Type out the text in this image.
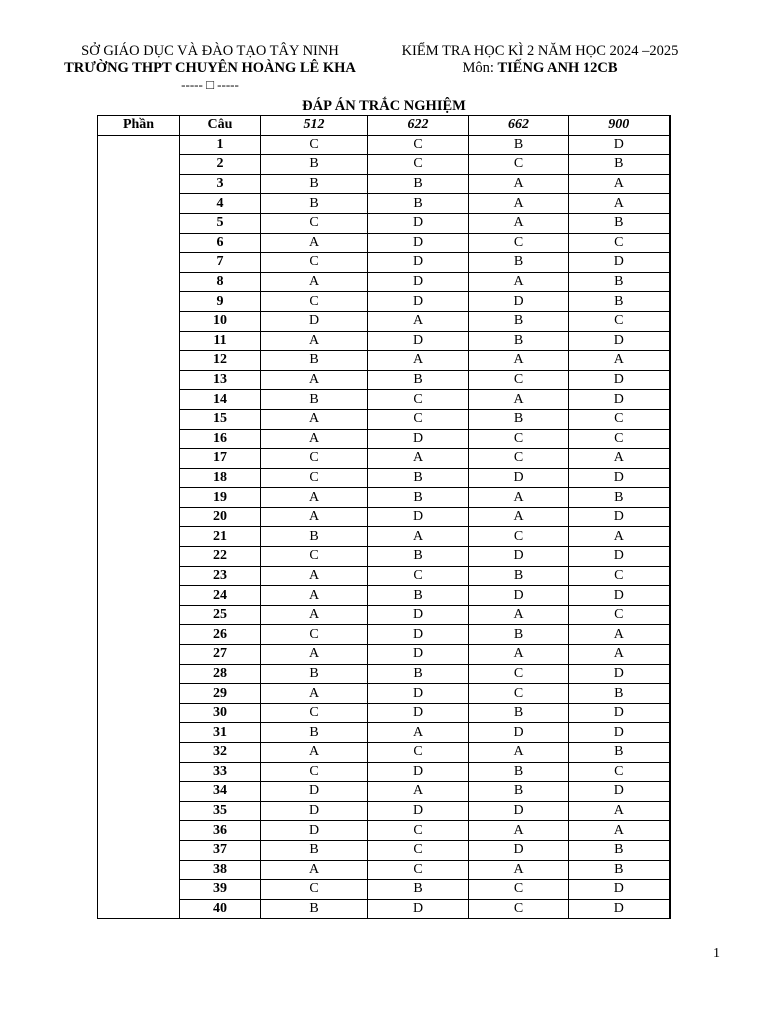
SỞ GIÁO DỤC VÀ ĐÀO TẠO TÂY NINH
TRƯỜNG THPT CHUYÊN HOÀNG LÊ KHA
----- □ -----
KIỂM TRA HỌC KÌ 2 NĂM HỌC 2024 –2025
Môn: TIẾNG ANH 12CB
ĐÁP ÁN TRẮC NGHIỆM
Phần	Câu	512	622	662	900
	1	C	C	B	D
	2	B	C	C	B
	3	B	B	A	A
	4	B	B	A	A
	5	C	D	A	B
	6	A	D	C	C
	7	C	D	B	D
	8	A	D	A	B
	9	C	D	D	B
	10	D	A	B	C
	11	A	D	B	D
	12	B	A	A	A
	13	A	B	C	D
	14	B	C	A	D
	15	A	C	B	C
	16	A	D	C	C
	17	C	A	C	A
	18	C	B	D	D
	19	A	B	A	B
	20	A	D	A	D
	21	B	A	C	A
	22	C	B	D	D
	23	A	C	B	C
	24	A	B	D	D
	25	A	D	A	C
	26	C	D	B	A
	27	A	D	A	A
	28	B	B	C	D
	29	A	D	C	B
	30	C	D	B	D
	31	B	A	D	D
	32	A	C	A	B
	33	C	D	B	C
	34	D	A	B	D
	35	D	D	D	A
	36	D	C	A	A
	37	B	C	D	B
	38	A	C	A	B
	39	C	B	C	D
	40	B	D	C	D
1
